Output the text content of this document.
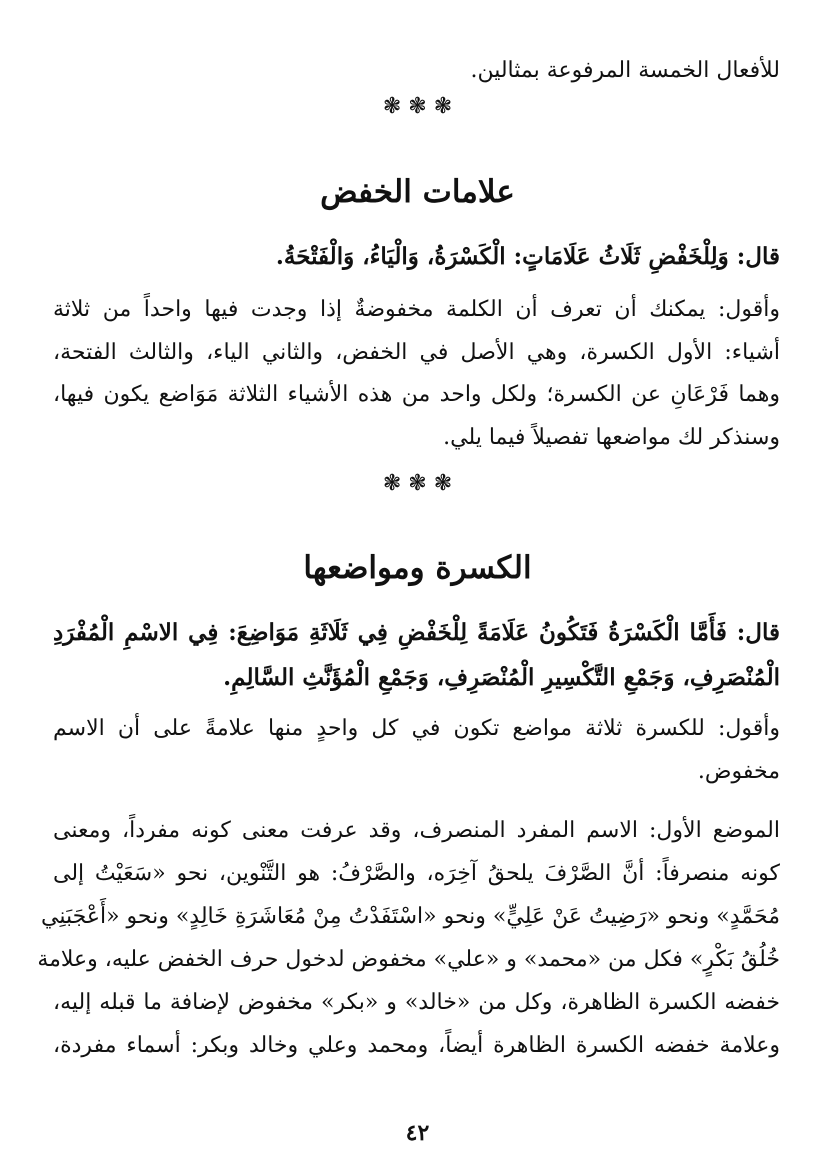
للأفعال الخمسة المرفوعة بمثالين.
❃ ❃ ❃
علامات الخفض
قال: وَلِلْخَفْضِ ثَلَاثُ عَلَامَاتٍ: الْكَسْرَةُ، وَالْيَاءُ، وَالْفَتْحَةُ.
وأقول: يمكنك أن تعرف أن الكلمة مخفوضةٌ إذا وجدت فيها واحداً من ثلاثة
أشياء: الأول الكسرة، وهي الأصل في الخفض، والثاني الياء، والثالث الفتحة،
وهما فَرْعَانِ عن الكسرة؛ ولكل واحد من هذه الأشياء الثلاثة مَوَاضع يكون فيها،
وسنذكر لك مواضعها تفصيلاً فيما يلي.
❃ ❃ ❃
الكسرة ومواضعها
قال: فَأَمَّا الْكَسْرَةُ فَتَكُونُ عَلَامَةً لِلْخَفْضِ فِي ثَلَاثَةِ مَوَاضِعَ: فِي الاسْمِ الْمُفْرَدِ
الْمُنْصَرِفِ، وَجَمْعِ التَّكْسِيرِ الْمُنْصَرِفِ، وَجَمْعِ الْمُؤَنَّثِ السَّالِمِ.
وأقول: للكسرة ثلاثة مواضع تكون في كل واحدٍ منها علامةً على أن الاسم
مخفوض.
الموضع الأول: الاسم المفرد المنصرف، وقد عرفت معنى كونه مفرداً، ومعنى
كونه منصرفاً: أنَّ الصَّرْفَ يلحقُ آخِرَه، والصَّرْفُ: هو التَّنْوين، نحو «سَعَيْتُ إلى
مُحَمَّدٍ» ونحو «رَضِيتُ عَنْ عَلِيٍّ» ونحو «اسْتَفَدْتُ مِنْ مُعَاشَرَةِ خَالِدٍ» ونحو «أَعْجَبَنِي
خُلُقُ بَكْرٍ» فكل من «محمد» و «علي» مخفوض لدخول حرف الخفض عليه، وعلامة
خفضه الكسرة الظاهرة، وكل من «خالد» و «بكر» مخفوض لإضافة ما قبله إليه،
وعلامة خفضه الكسرة الظاهرة أيضاً، ومحمد وعلي وخالد وبكر: أسماء مفردة،
٤٢
